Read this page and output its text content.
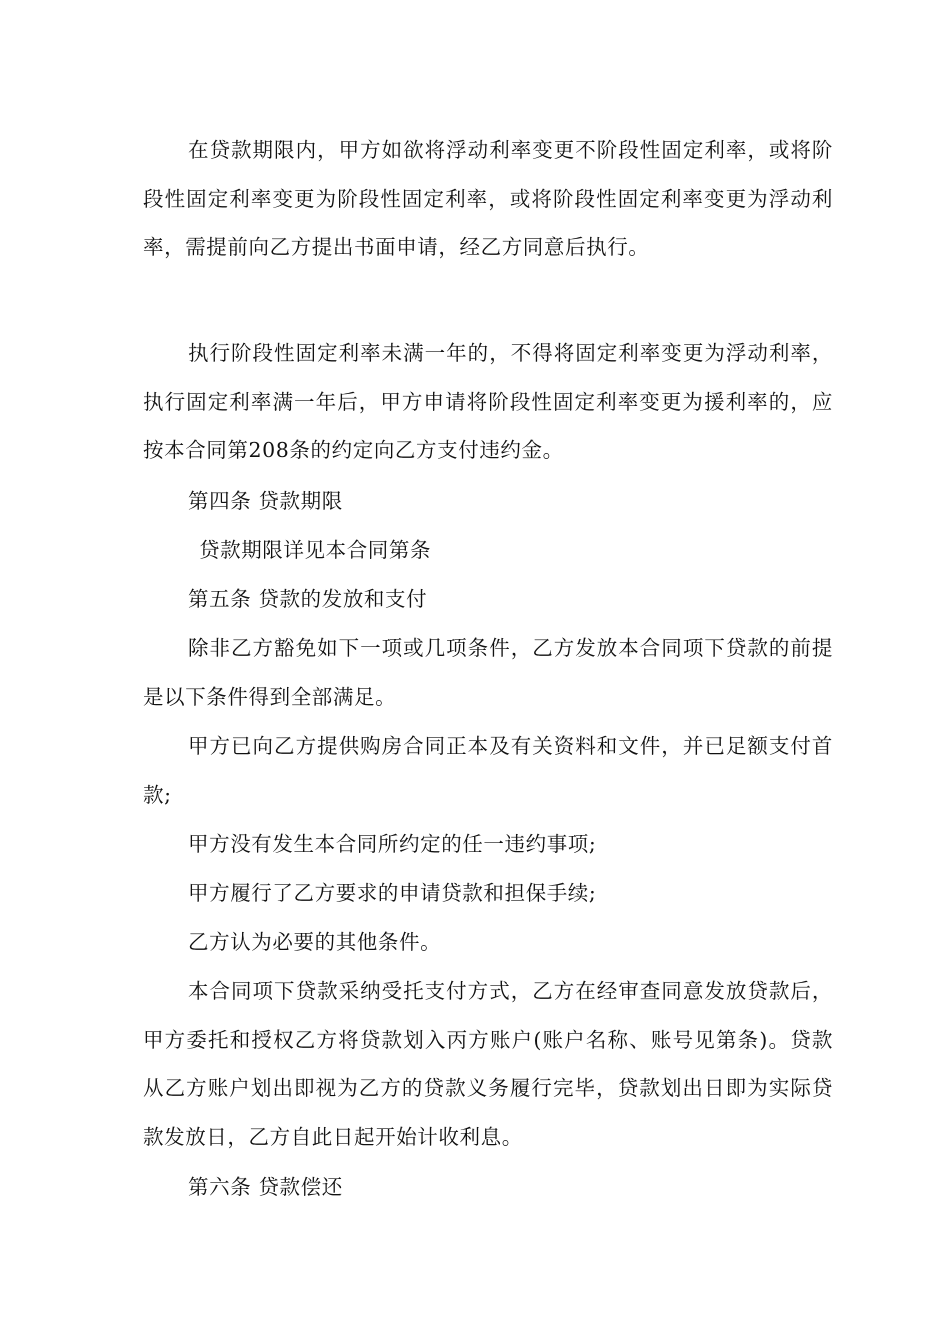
在贷款期限内，甲方如欲将浮动利率变更不阶段性固定利率，或将阶段性固定利率变更为阶段性固定利率，或将阶段性固定利率变更为浮动利率，需提前向乙方提出书面申请，经乙方同意后执行。

执行阶段性固定利率未满一年的，不得将固定利率变更为浮动利率，执行固定利率满一年后，甲方申请将阶段性固定利率变更为援利率的，应按本合同第208条的约定向乙方支付违约金。

第四条 贷款期限

贷款期限详见本合同第条

第五条 贷款的发放和支付

除非乙方豁免如下一项或几项条件，乙方发放本合同项下贷款的前提是以下条件得到全部满足。

甲方已向乙方提供购房合同正本及有关资料和文件，并已足额支付首款;

甲方没有发生本合同所约定的任一违约事项;

甲方履行了乙方要求的申请贷款和担保手续;

乙方认为必要的其他条件。

本合同项下贷款采纳受托支付方式，乙方在经审查同意发放贷款后，甲方委托和授权乙方将贷款划入丙方账户(账户名称、账号见第条)。贷款从乙方账户划出即视为乙方的贷款义务履行完毕，贷款划出日即为实际贷款发放日，乙方自此日起开始计收利息。

第六条 贷款偿还
